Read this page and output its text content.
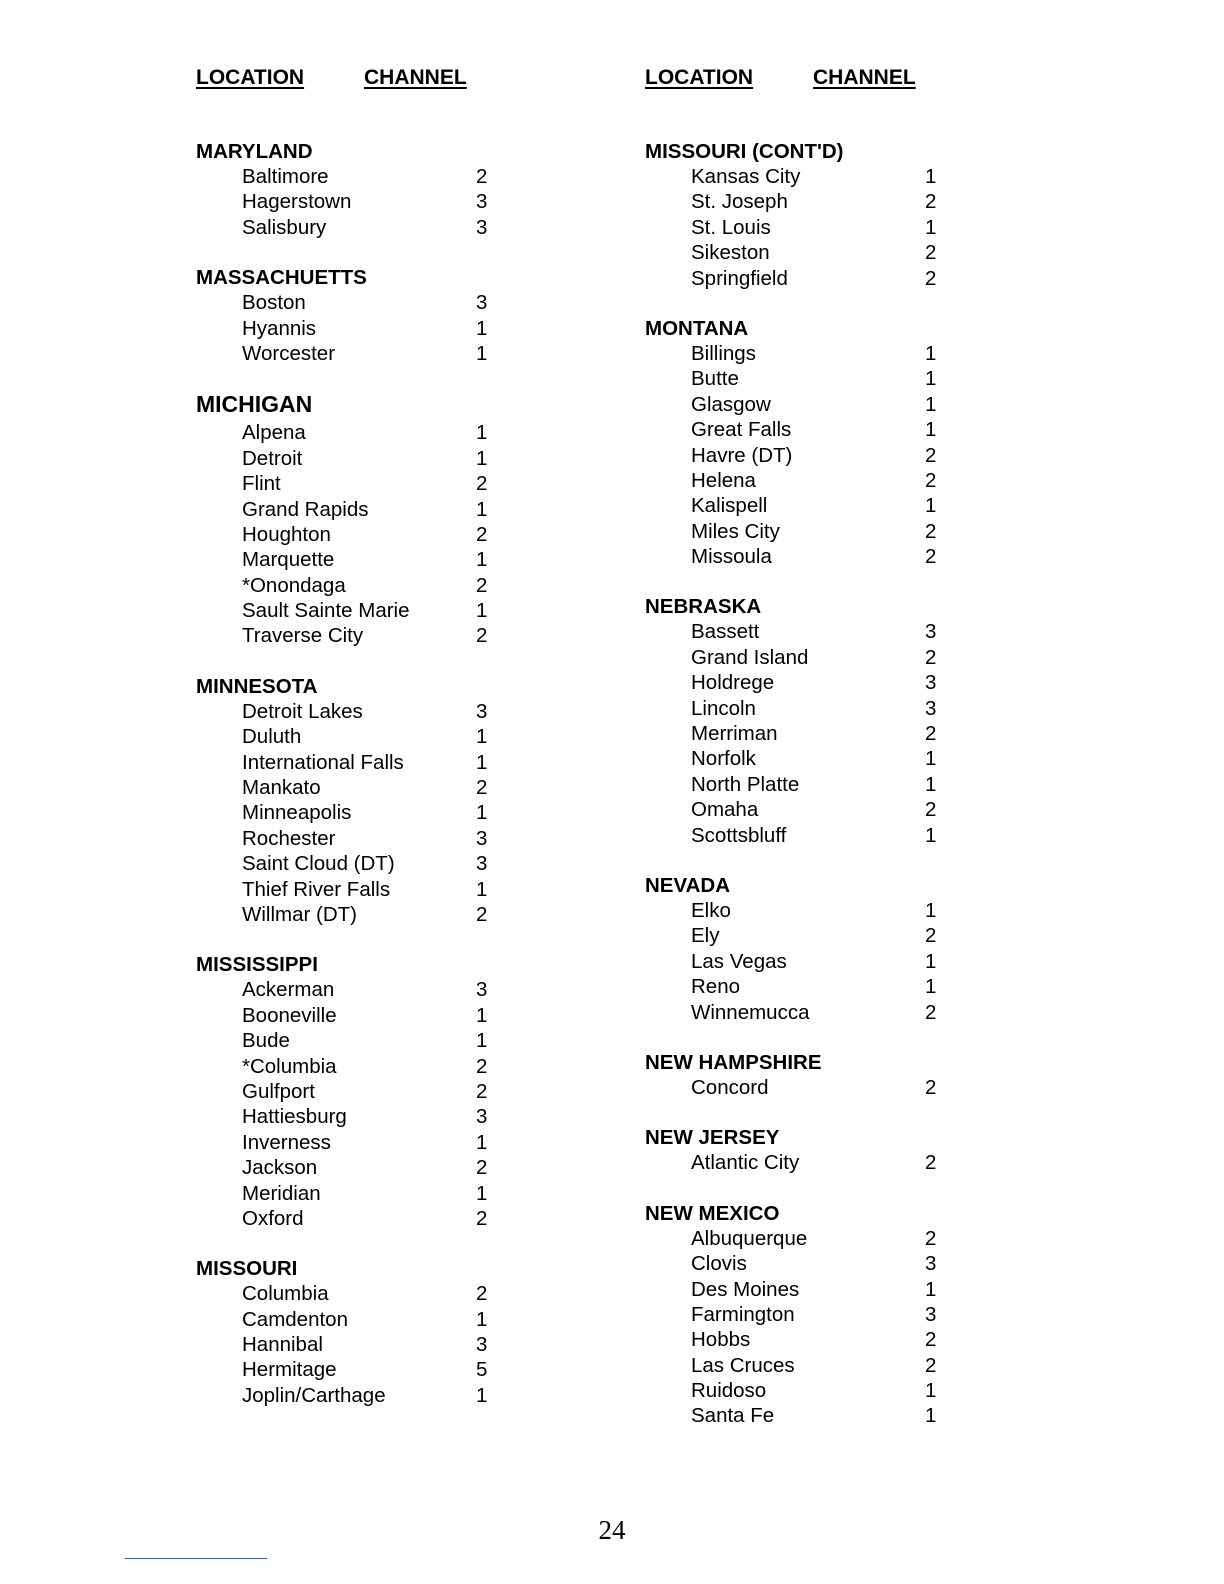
LOCATION	CHANNEL
MARYLAND
Baltimore	2
Hagerstown	3
Salisbury	3
MASSACHUETTS
Boston	3
Hyannis	1
Worcester	1
MICHIGAN
Alpena	1
Detroit	1
Flint	2
Grand Rapids	1
Houghton	2
Marquette	1
*Onondaga	2
Sault Sainte Marie	1
Traverse City	2
MINNESOTA
Detroit Lakes	3
Duluth	1
International Falls	1
Mankato	2
Minneapolis	1
Rochester	3
Saint Cloud (DT)	3
Thief River Falls	1
Willmar (DT)	2
MISSISSIPPI
Ackerman	3
Booneville	1
Bude	1
*Columbia	2
Gulfport	2
Hattiesburg	3
Inverness	1
Jackson	2
Meridian	1
Oxford	2
MISSOURI
Columbia	2
Camdenton	1
Hannibal	3
Hermitage	5
Joplin/Carthage	1
LOCATION	CHANNEL
MISSOURI (CONT'D)
Kansas City	1
St. Joseph	2
St. Louis	1
Sikeston	2
Springfield	2
MONTANA
Billings	1
Butte	1
Glasgow	1
Great Falls	1
Havre (DT)	2
Helena	2
Kalispell	1
Miles City	2
Missoula	2
NEBRASKA
Bassett	3
Grand Island	2
Holdrege	3
Lincoln	3
Merriman	2
Norfolk	1
North Platte	1
Omaha	2
Scottsbluff	1
NEVADA
Elko	1
Ely	2
Las Vegas	1
Reno	1
Winnemucca	2
NEW HAMPSHIRE
Concord	2
NEW JERSEY
Atlantic City	2
NEW MEXICO
Albuquerque	2
Clovis	3
Des Moines	1
Farmington	3
Hobbs	2
Las Cruces	2
Ruidoso	1
Santa Fe	1
24
